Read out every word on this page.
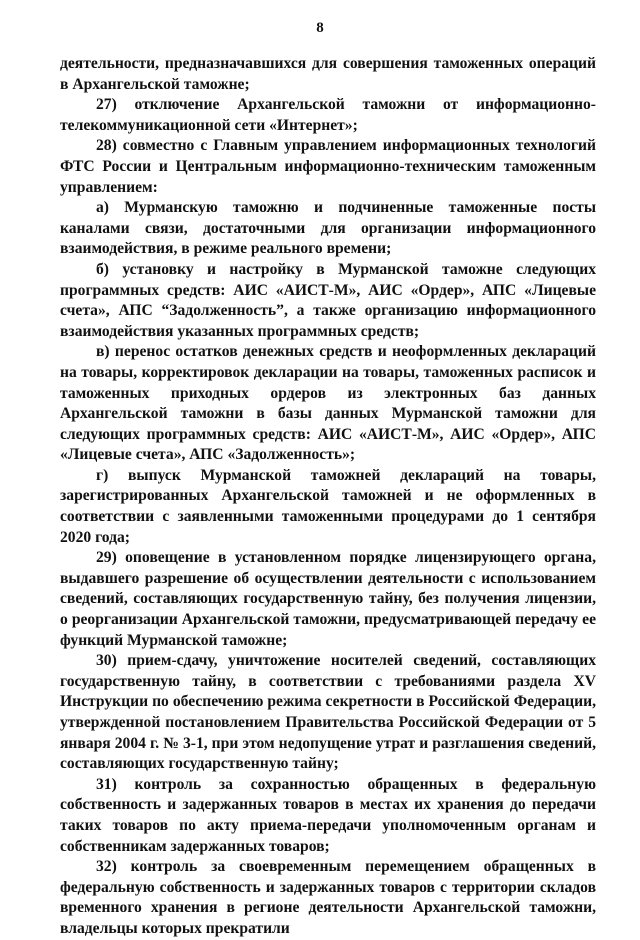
8

деятельности, предназначавшихся для совершения таможенных операций в Архангельской таможне;

27) отключение Архангельской таможни от информационно-телекоммуникационной сети «Интернет»;

28) совместно с Главным управлением информационных технологий ФТС России и Центральным информационно-техническим таможенным управлением:

а) Мурманскую таможню и подчиненные таможенные посты каналами связи, достаточными для организации информационного взаимодействия, в режиме реального времени;

б) установку и настройку в Мурманской таможне следующих программных средств: АИС «АИСТ-М», АИС «Ордер», АПС «Лицевые счета», АПС “Задолженность”, а также организацию информационного взаимодействия указанных программных средств;

в) перенос остатков денежных средств и неоформленных деклараций на товары, корректировок декларации на товары, таможенных расписок и таможенных приходных ордеров из электронных баз данных Архангельской таможни в базы данных Мурманской таможни для следующих программных средств: АИС «АИСТ-М», АИС «Ордер», АПС «Лицевые счета», АПС «Задолженность»;

г) выпуск Мурманской таможней деклараций на товары, зарегистрированных Архангельской таможней и не оформленных в соответствии с заявленными таможенными процедурами до 1 сентября 2020 года;

29) оповещение в установленном порядке лицензирующего органа, выдавшего разрешение об осуществлении деятельности с использованием сведений, составляющих государственную тайну, без получения лицензии, о реорганизации Архангельской таможни, предусматривающей передачу ее функций Мурманской таможне;

30) прием-сдачу, уничтожение носителей сведений, составляющих государственную тайну, в соответствии с требованиями раздела XV Инструкции по обеспечению режима секретности в Российской Федерации, утвержденной постановлением Правительства Российской Федерации от 5 января 2004 г. № 3-1, при этом недопущение утрат и разглашения сведений, составляющих государственную тайну;

31) контроль за сохранностью обращенных в федеральную собственность и задержанных товаров в местах их хранения до передачи таких товаров по акту приема-передачи уполномоченным органам и собственникам задержанных товаров;

32) контроль за своевременным перемещением обращенных в федеральную собственность и задержанных товаров с территории складов временного хранения в регионе деятельности Архангельской таможни, владельцы которых прекратили
